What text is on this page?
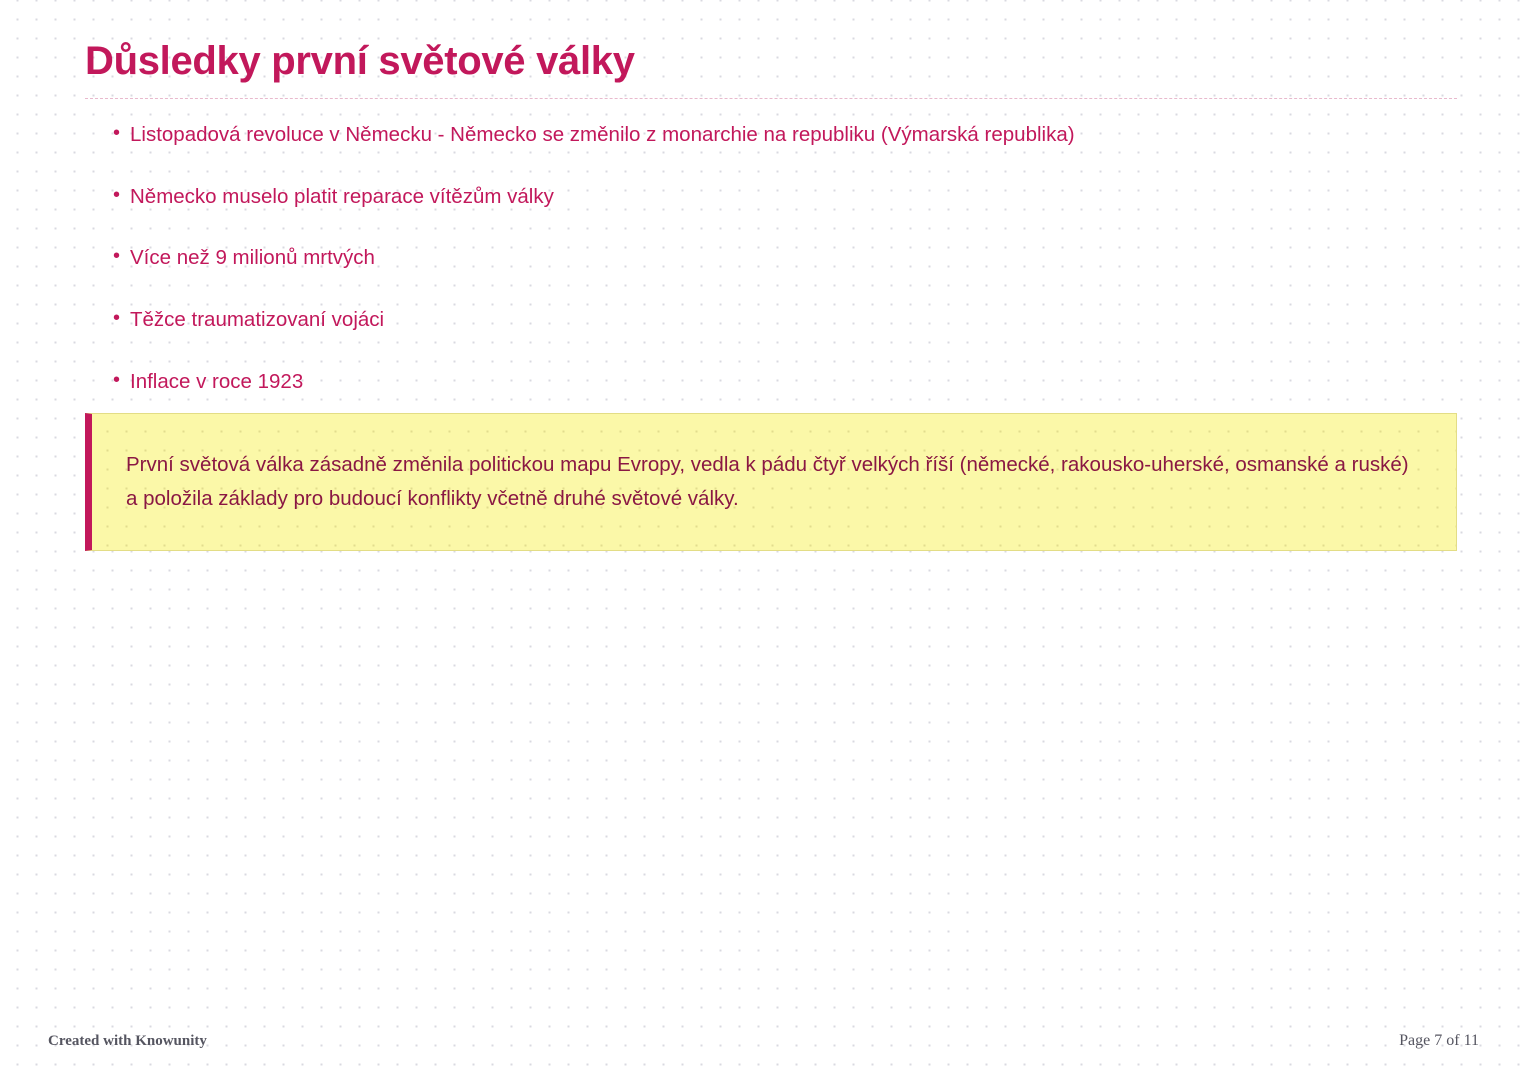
Důsledky první světové války
• Listopadová revoluce v Německu - Německo se změnilo z monarchie na republiku (Výmarská republika)
• Německo muselo platit reparace vítězům války
• Více než 9 milionů mrtvých
• Těžce traumatizovaní vojáci
• Inflace v roce 1923

První světová válka zásadně změnila politickou mapu Evropy, vedla k pádu čtyř velkých říší (německé, rakousko-uherské, osmanské a ruské) a položila základy pro budoucí konflikty včetně druhé světové války.

Created with Knowunity	Page 7 of 11
